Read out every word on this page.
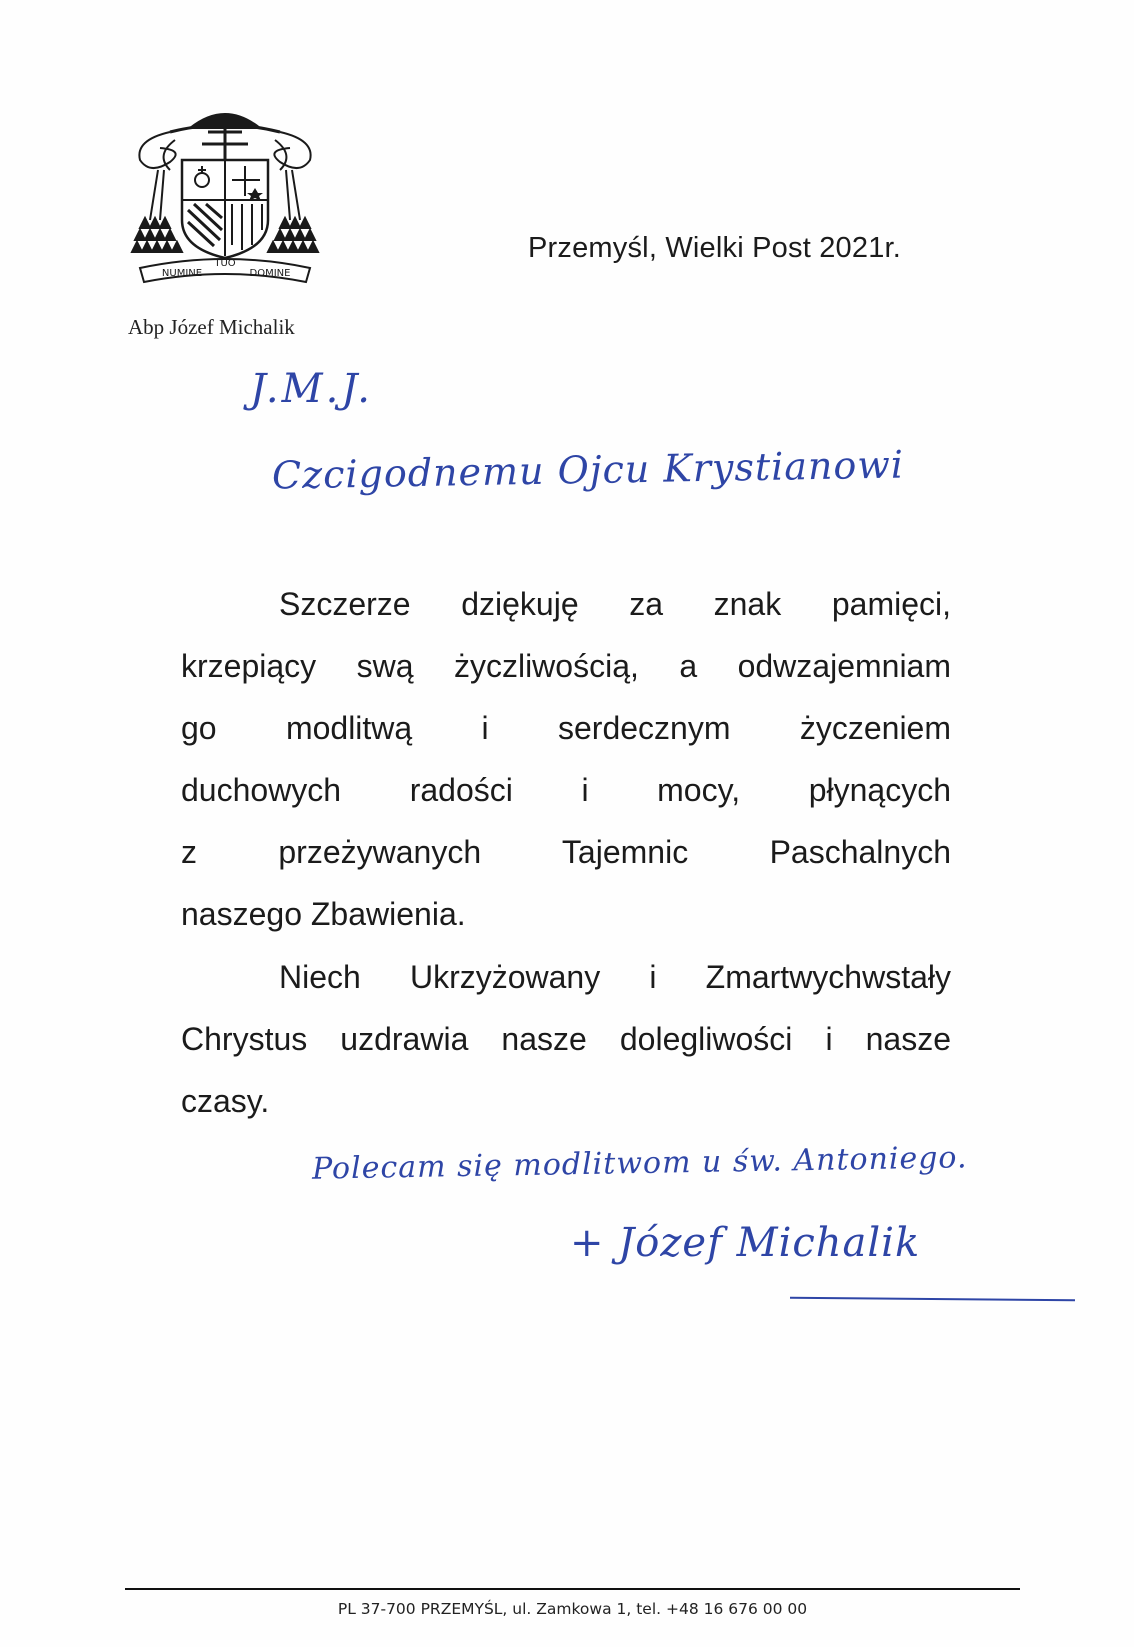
NUMINE
TUO
DOMINE
Abp Józef Michalik
Przemyśl, Wielki Post 2021r.
J.M.J.
Czcigodnemu Ojcu Krystianowi
Szczerze dziękuję za znak pamięci,
krzepiący swą życzliwością, a odwzajemniam
go modlitwą i serdecznym życzeniem
duchowych radości i mocy, płynących
z przeżywanych Tajemnic Paschalnych
naszego Zbawienia.
Niech Ukrzyżowany i Zmartwychwstały
Chrystus uzdrawia nasze dolegliwości i nasze
czasy.
Polecam się modlitwom u św. Antoniego.
+ Józef Michalik
PL 37-700 PRZEMYŚL, ul. Zamkowa 1, tel. +48 16 676 00 00
